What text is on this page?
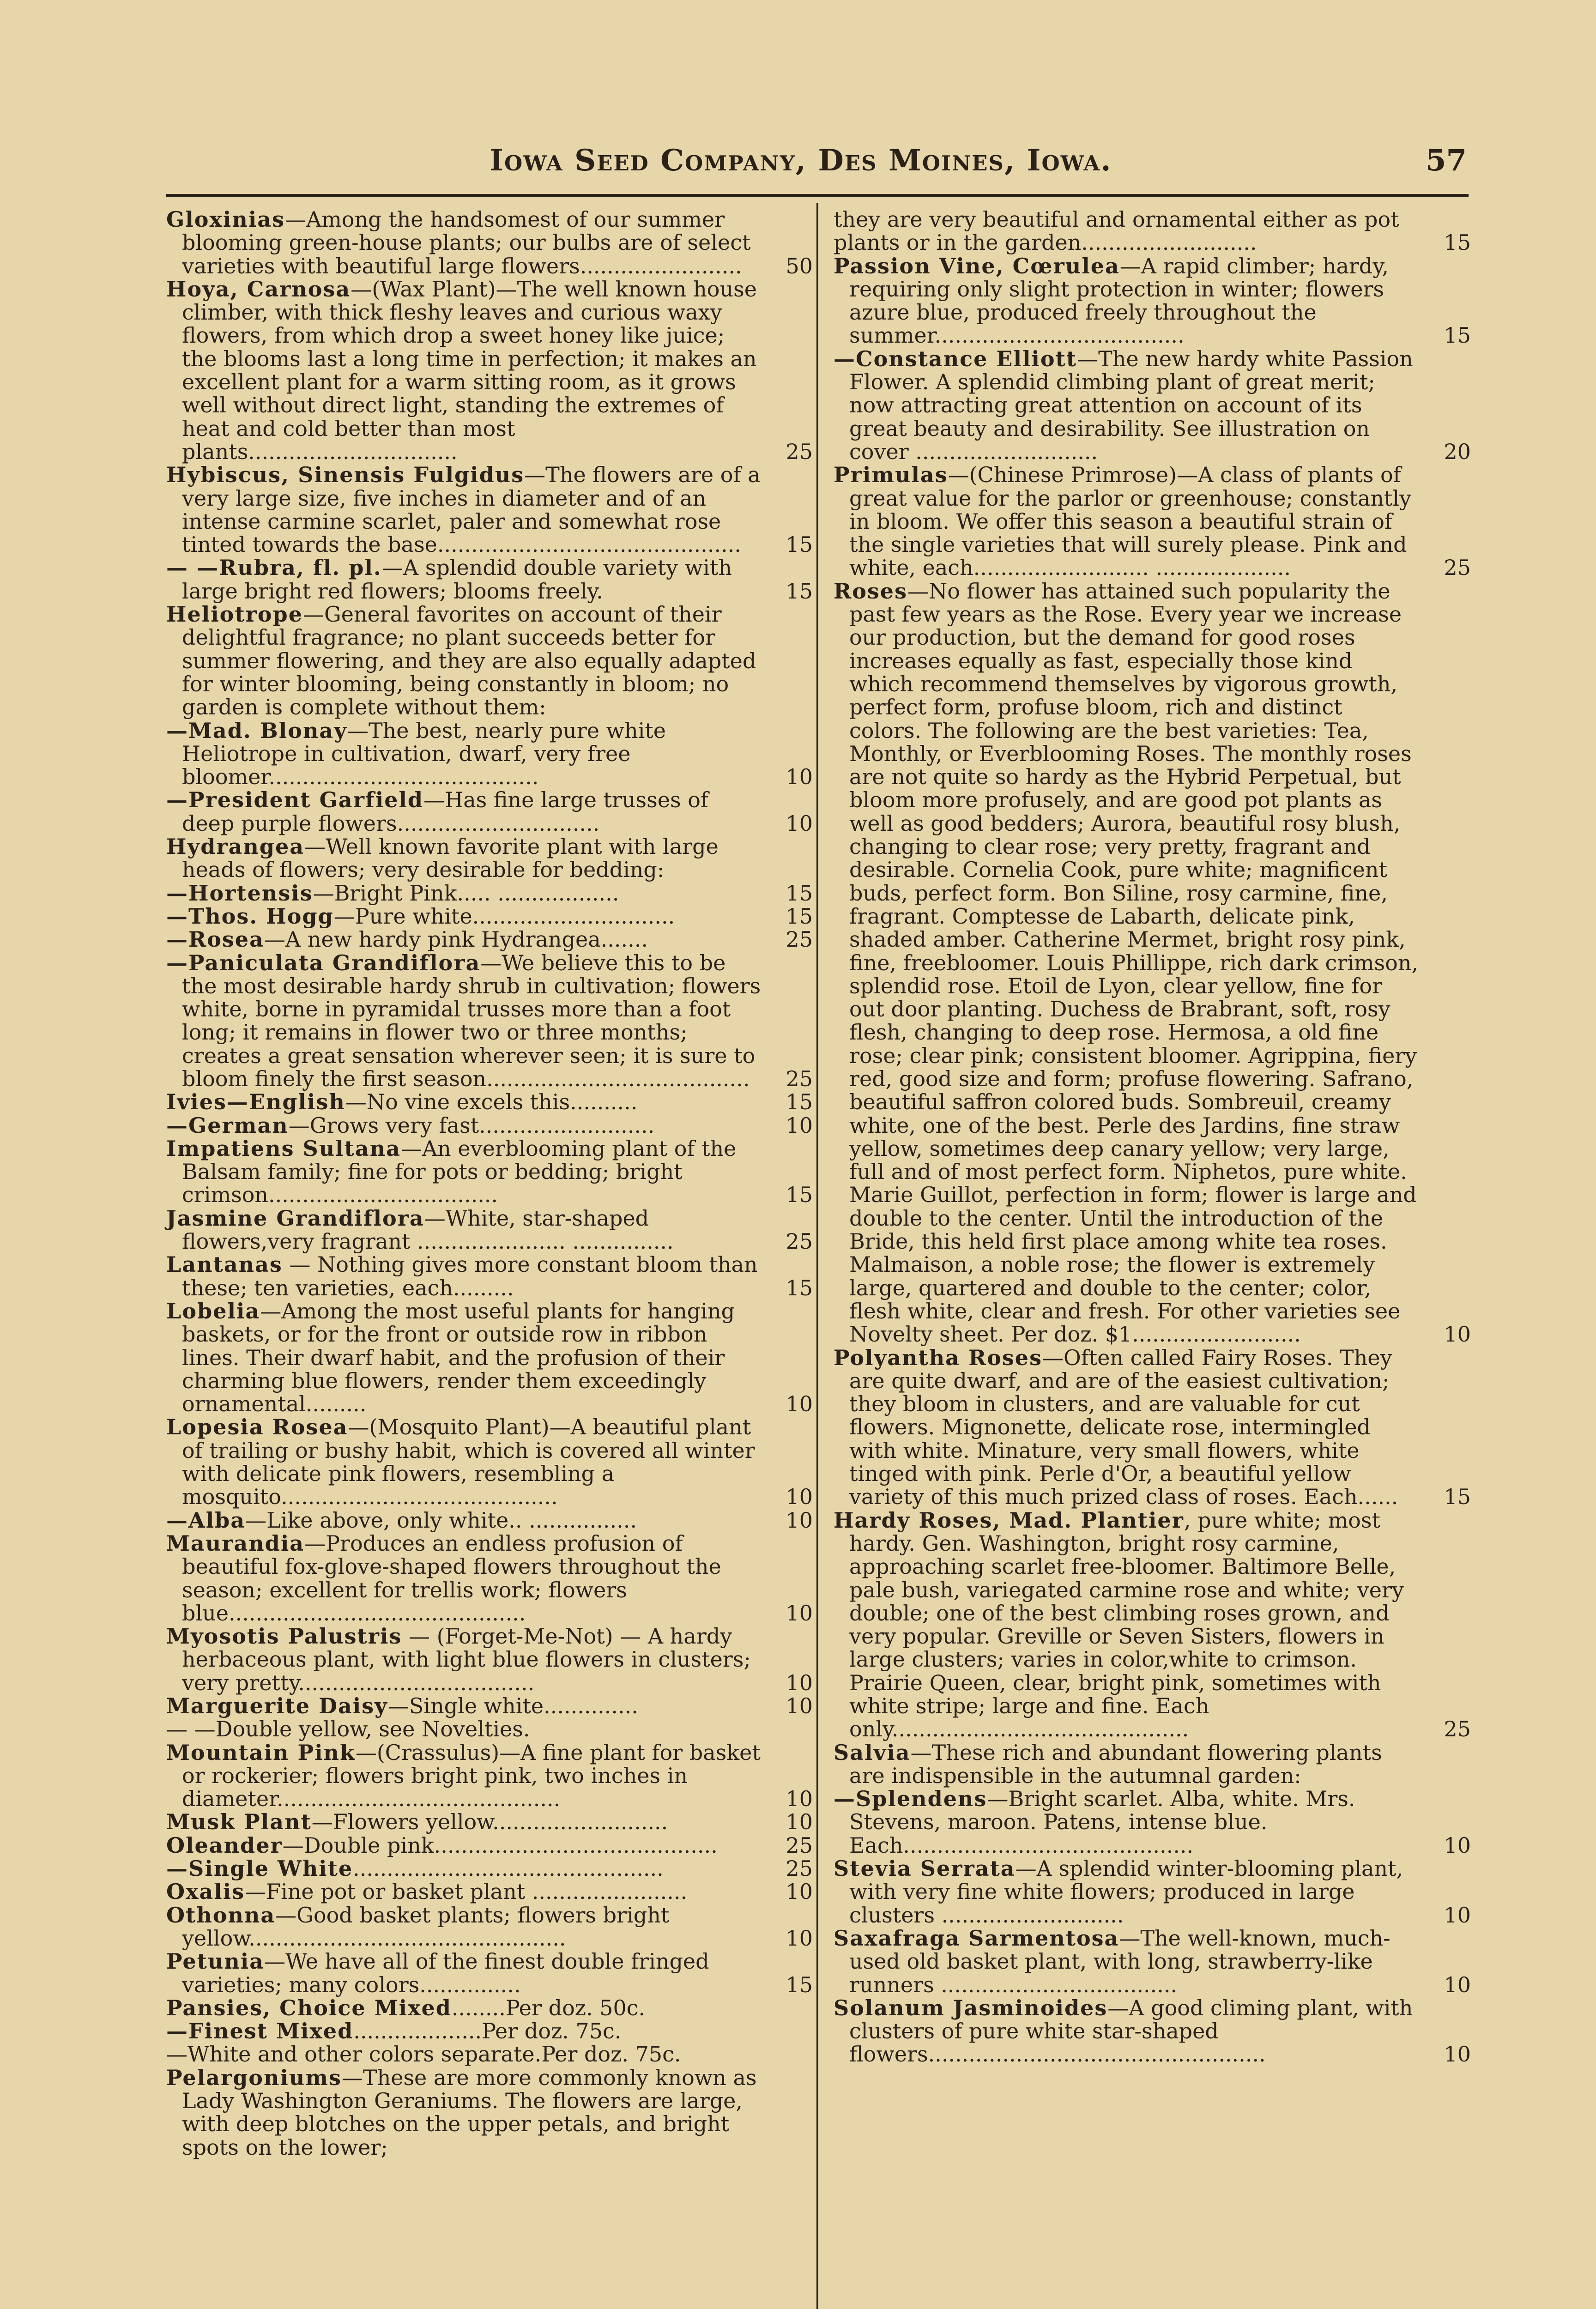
Iowa Seed Company, Des Moines, Iowa.	57
Gloxinias—Among the handsomest of our summer blooming green-house plants; our bulbs are of select varieties with beautiful large flowers........................	50
Hoya, Carnosa—(Wax Plant)—The well known house climber, with thick fleshy leaves and curious waxy flowers, from which drop a sweet honey like juice; the blooms last a long time in perfection; it makes an excellent plant for a warm sitting room, as it grows well without direct light, standing the extremes of heat and cold better than most plants...............................	25
Hybiscus, Sinensis Fulgidus—The flowers are of a very large size, five inches in diameter and of an intense carmine scarlet, paler and somewhat rose tinted towards the base.............................................	15
— —Rubra, fl. pl.—A splendid double variety with large bright red flowers; blooms freely.	15
Heliotrope—General favorites on account of their delightful fragrance; no plant succeeds better for summer flowering, and they are also equally adapted for winter blooming, being constantly in bloom; no garden is complete without them:
—Mad. Blonay—The best, nearly pure white Heliotrope in cultivation, dwarf, very free bloomer........................................	10
—President Garfield—Has fine large trusses of deep purple flowers..............................	10
Hydrangea—Well known favorite plant with large heads of flowers; very desirable for bedding:
—Hortensis—Bright Pink..... ..................	15
—Thos. Hogg—Pure white..............................	15
—Rosea—A new hardy pink Hydrangea.......	25
—Paniculata Grandiflora—We believe this to be the most desirable hardy shrub in cultivation; flowers white, borne in pyramidal trusses more than a foot long; it remains in flower two or three months; creates a great sensation wherever seen; it is sure to bloom finely the first season.......................................	25
Ivies—English—No vine excels this..........	15
—German—Grows very fast..........................	10
Impatiens Sultana—An everblooming plant of the Balsam family; fine for pots or bedding; bright crimson..................................	15
Jasmine Grandiflora—White, star-shaped flowers,very fragrant ...................... ...............	25
Lantanas — Nothing gives more constant bloom than these; ten varieties, each.........	15
Lobelia—Among the most useful plants for hanging baskets, or for the front or outside row in ribbon lines. Their dwarf habit, and the profusion of their charming blue flowers, render them exceedingly ornamental.........	10
Lopesia Rosea—(Mosquito Plant)—A beautiful plant of trailing or bushy habit, which is covered all winter with delicate pink flowers, resembling a mosquito.........................................	10
—Alba—Like above, only white.. ................	10
Maurandia—Produces an endless profusion of beautiful fox-glove-shaped flowers throughout the season; excellent for trellis work; flowers blue............................................	10
Myosotis Palustris — (Forget-Me-Not) — A hardy herbaceous plant, with light blue flowers in clusters; very pretty...................................	10
Marguerite Daisy—Single white..............	10
— —Double yellow, see Novelties.
Mountain Pink—(Crassulus)—A fine plant for basket or rockerier; flowers bright pink, two inches in diameter..........................................	10
Musk Plant—Flowers yellow..........................	10
Oleander—Double pink..........................................	25
—Single White..............................................	25
Oxalis—Fine pot or basket plant .......................	10
Othonna—Good basket plants; flowers bright yellow...............................................	10
Petunia—We have all of the finest double fringed varieties; many colors...............	15
Pansies, Choice Mixed........Per doz. 50c.
—Finest Mixed...................Per doz. 75c.
—White and other colors separate.Per doz. 75c.
Pelargoniums—These are more commonly known as Lady Washington Geraniums. The flowers are large, with deep blotches on the upper petals, and bright spots on the lower;
they are very beautiful and ornamental either as pot plants or in the garden..........................	15
Passion Vine, Cœrulea—A rapid climber; hardy, requiring only slight protection in winter; flowers azure blue, produced freely throughout the summer.....................................	15
—Constance Elliott—The new hardy white Passion Flower. A splendid climbing plant of great merit; now attracting great attention on account of its great beauty and desirability. See illustration on cover ...........................	20
Primulas—(Chinese Primrose)—A class of plants of great value for the parlor or greenhouse; constantly in bloom. We offer this season a beautiful strain of the single varieties that will surely please. Pink and white, each.......................... ....................	25
Roses—No flower has attained such popularity the past few years as the Rose. Every year we increase our production, but the demand for good roses increases equally as fast, especially those kind which recommend themselves by vigorous growth, perfect form, profuse bloom, rich and distinct colors. The following are the best varieties: Tea, Monthly, or Everblooming Roses. The monthly roses are not quite so hardy as the Hybrid Perpetual, but bloom more profusely, and are good pot plants as well as good bedders; Aurora, beautiful rosy blush, changing to clear rose; very pretty, fragrant and desirable. Cornelia Cook, pure white; magnificent buds, perfect form. Bon Siline, rosy carmine, fine, fragrant. Comptesse de Labarth, delicate pink, shaded amber. Catherine Mermet, bright rosy pink, fine, freebloomer. Louis Phillippe, rich dark crimson, splendid rose. Etoil de Lyon, clear yellow, fine for out door planting. Duchess de Brabrant, soft, rosy flesh, changing to deep rose. Hermosa, a old fine rose; clear pink; consistent bloomer. Agrippina, fiery red, good size and form; profuse flowering. Safrano, beautiful saffron colored buds. Sombreuil, creamy white, one of the best. Perle des Jardins, fine straw yellow, sometimes deep canary yellow; very large, full and of most perfect form. Niphetos, pure white. Marie Guillot, perfection in form; flower is large and double to the center. Until the introduction of the Bride, this held first place among white tea roses. Malmaison, a noble rose; the flower is extremely large, quartered and double to the center; color, flesh white, clear and fresh. For other varieties see Novelty sheet. Per doz. $1.........................	10
Polyantha Roses—Often called Fairy Roses. They are quite dwarf, and are of the easiest cultivation; they bloom in clusters, and are valuable for cut flowers. Mignonette, delicate rose, intermingled with white. Minature, very small flowers, white tinged with pink. Perle d'Or, a beautiful yellow variety of this much prized class of roses. Each......	15
Hardy Roses, Mad. Plantier, pure white; most hardy. Gen. Washington, bright rosy carmine, approaching scarlet free-bloomer. Baltimore Belle, pale bush, variegated carmine rose and white; very double; one of the best climbing roses grown, and very popular. Greville or Seven Sisters, flowers in large clusters; varies in color,white to crimson. Prairie Queen, clear, bright pink, sometimes with white stripe; large and fine. Each only............................................	25
Salvia—These rich and abundant flowering plants are indispensible in the autumnal garden:
—Splendens—Bright scarlet. Alba, white. Mrs. Stevens, maroon. Patens, intense blue. Each...........................................	10
Stevia Serrata—A splendid winter-blooming plant, with very fine white flowers; produced in large clusters ...........................	10
Saxafraga Sarmentosa—The well-known, much-used old basket plant, with long, strawberry-like runners ...................................	10
Solanum Jasminoides—A good climing plant, with clusters of pure white star-shaped flowers..................................................	10
